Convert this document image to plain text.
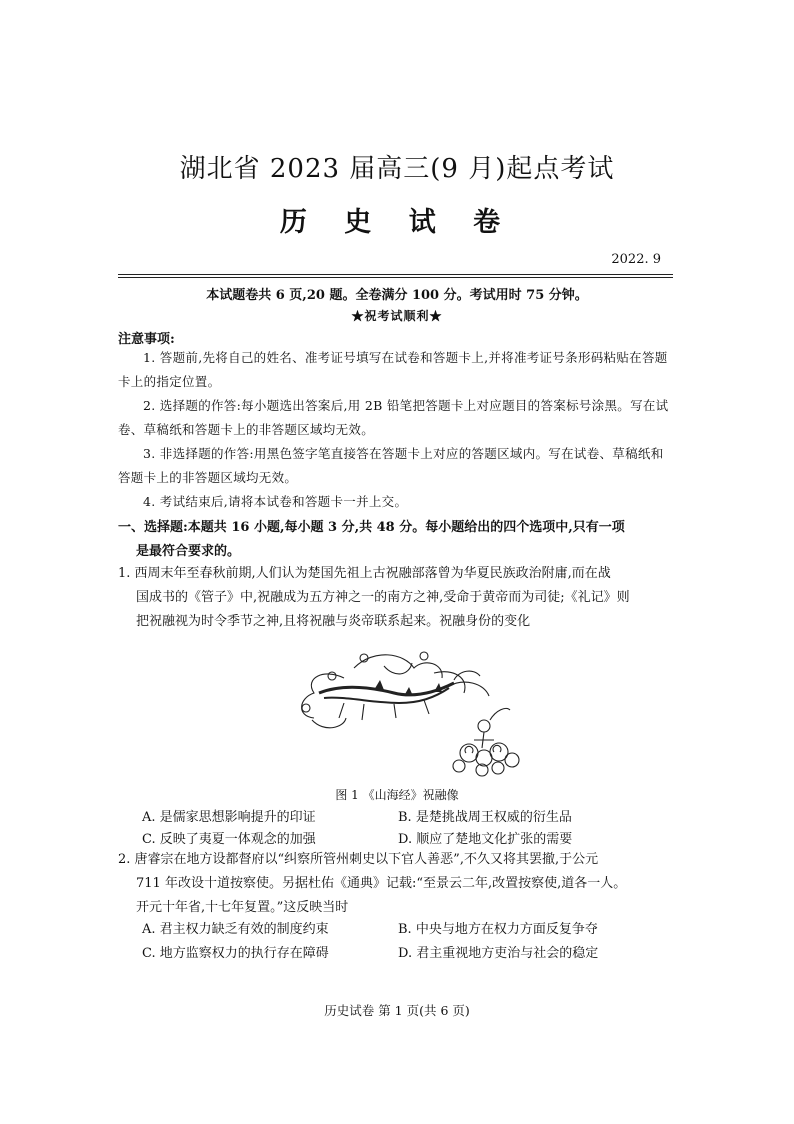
湖北省 2023 届高三(9 月)起点考试
历 史 试 卷
2022. 9
本试题卷共 6 页,20 题。全卷满分 100 分。考试用时 75 分钟。
★祝考试顺利★
注意事项:
1. 答题前,先将自己的姓名、准考证号填写在试卷和答题卡上,并将准考证号条形码粘贴在答题卡上的指定位置。
2. 选择题的作答:每小题选出答案后,用 2B 铅笔把答题卡上对应题目的答案标号涂黑。写在试卷、草稿纸和答题卡上的非答题区域均无效。
3. 非选择题的作答:用黑色签字笔直接答在答题卡上对应的答题区域内。写在试卷、草稿纸和答题卡上的非答题区域均无效。
4. 考试结束后,请将本试卷和答题卡一并上交。
一、选择题:本题共 16 小题,每小题 3 分,共 48 分。每小题给出的四个选项中,只有一项
是最符合要求的。
1. 西周末年至春秋前期,人们认为楚国先祖上古祝融部落曾为华夏民族政治附庸,而在战
国成书的《管子》中,祝融成为五方神之一的南方之神,受命于黄帝而为司徒;《礼记》则
把祝融视为时令季节之神,且将祝融与炎帝联系起来。祝融身份的变化
图 1 《山海经》祝融像
A. 是儒家思想影响提升的印证	B. 是楚挑战周王权威的衍生品
C. 反映了夷夏一体观念的加强	D. 顺应了楚地文化扩张的需要
2. 唐睿宗在地方设都督府以“纠察所管州刺史以下官人善恶”,不久又将其罢撤,于公元
711 年改设十道按察使。另据杜佑《通典》记载:“至景云二年,改置按察使,道各一人。
开元十年省,十七年复置。”这反映当时
A. 君主权力缺乏有效的制度约束	B. 中央与地方在权力方面反复争夺
C. 地方监察权力的执行存在障碍	D. 君主重视地方吏治与社会的稳定
历史试卷 第 1 页(共 6 页)
